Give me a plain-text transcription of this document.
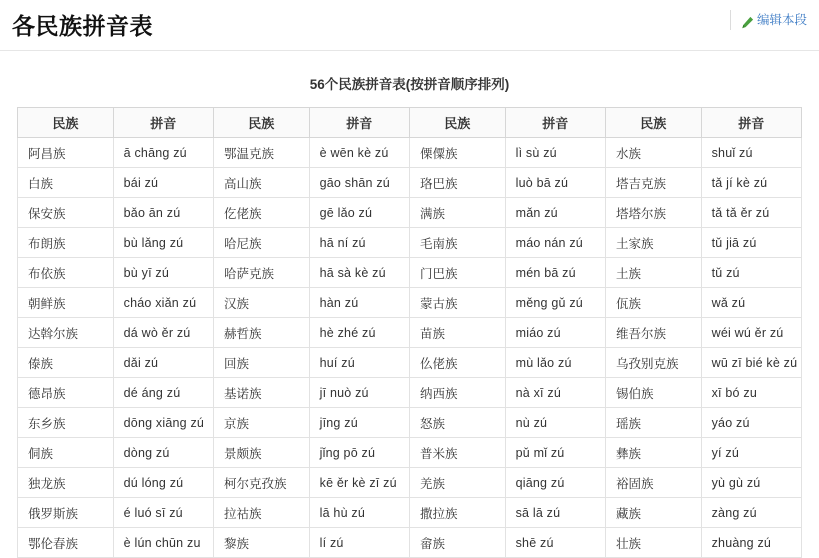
各民族拼音表	编辑本段
56个民族拼音表(按拼音顺序排列)
民族	拼音	民族	拼音	民族	拼音	民族	拼音
阿昌族	ā chāng zú	鄂温克族	è wēn kè zú	傈僳族	lì sù zú	水族	shuǐ zú
白族	bái zú	高山族	gāo shān zú	珞巴族	luò bā zú	塔吉克族	tǎ jí kè zú
保安族	bǎo ān zú	仡佬族	gē lǎo zú	满族	mǎn zú	塔塔尔族	tǎ tǎ ěr zú
布朗族	bù lǎng zú	哈尼族	hā ní zú	毛南族	máo nán zú	土家族	tǔ jiā zú
布依族	bù yī zú	哈萨克族	hā sà kè zú	门巴族	mén bā zú	土族	tǔ zú
朝鲜族	cháo xiǎn zú	汉族	hàn zú	蒙古族	měng gǔ zú	佤族	wǎ zú
达斡尔族	dá wò ěr zú	赫哲族	hè zhé zú	苗族	miáo zú	维吾尔族	wéi wú ěr zú
傣族	dǎi zú	回族	huí zú	仫佬族	mù lǎo zú	乌孜别克族	wū zī bié kè zú
德昂族	dé áng zú	基诺族	jī nuò zú	纳西族	nà xī zú	锡伯族	xī bó zu
东乡族	dōng xiāng zú	京族	jīng zú	怒族	nù zú	瑶族	yáo zú
侗族	dòng zú	景颇族	jǐng pō zú	普米族	pǔ mǐ zú	彝族	yí zú
独龙族	dú lóng zú	柯尔克孜族	kē ěr kè zī zú	羌族	qiāng zú	裕固族	yù gù zú
俄罗斯族	é luó sī zú	拉祜族	lā hù zú	撒拉族	sā lā zú	藏族	zàng zú
鄂伦春族	è lún chūn zu	黎族	lí zú	畲族	shē zú	壮族	zhuàng zú
